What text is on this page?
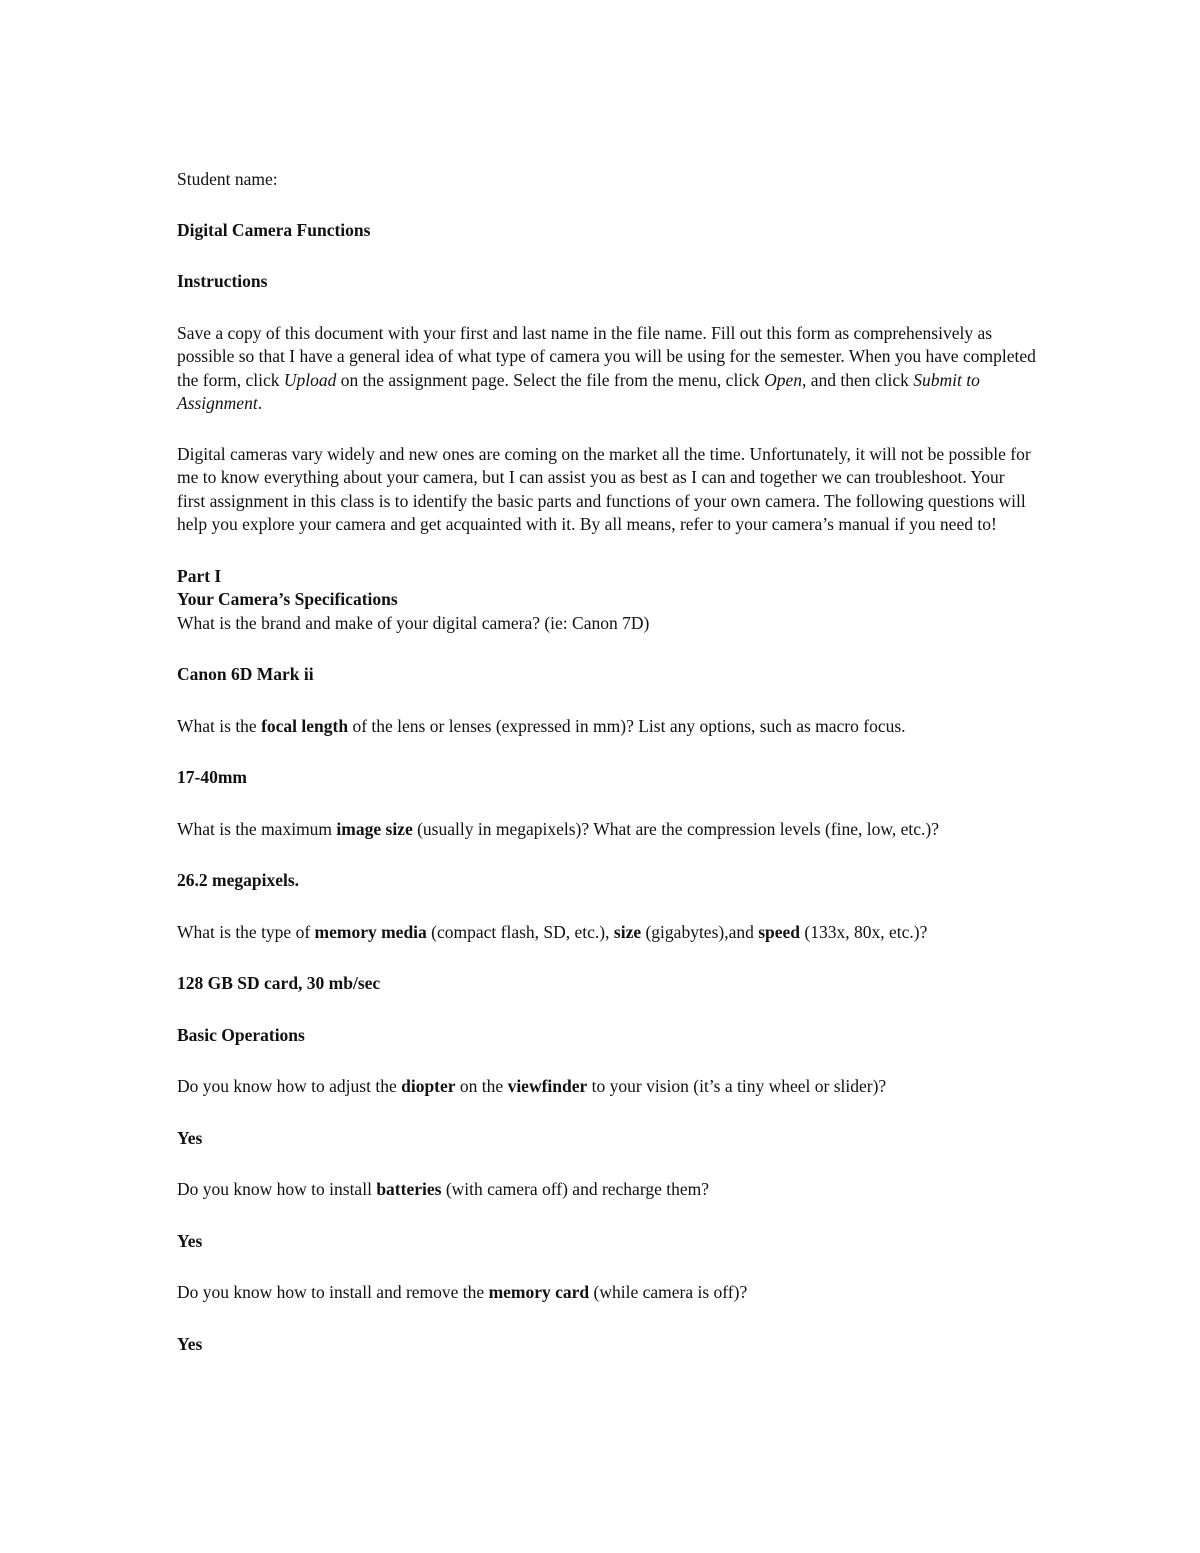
Student name:

Digital Camera Functions

Instructions

Save a copy of this document with your first and last name in the file name. Fill out this form as comprehensively as possible so that I have a general idea of what type of camera you will be using for the semester. When you have completed the form, click Upload on the assignment page. Select the file from the menu, click Open, and then click Submit to Assignment.

Digital cameras vary widely and new ones are coming on the market all the time. Unfortunately, it will not be possible for me to know everything about your camera, but I can assist you as best as I can and together we can troubleshoot. Your first assignment in this class is to identify the basic parts and functions of your own camera. The following questions will help you explore your camera and get acquainted with it. By all means, refer to your camera’s manual if you need to!

Part I

Your Camera’s Specifications

What is the brand and make of your digital camera? (ie: Canon 7D)

Canon 6D Mark ii

What is the focal length of the lens or lenses (expressed in mm)? List any options, such as macro focus.

17-40mm

What is the maximum image size (usually in megapixels)? What are the compression levels (fine, low, etc.)?

26.2 megapixels.

What is the type of memory media (compact flash, SD, etc.), size (gigabytes),and speed (133x, 80x, etc.)?

128 GB SD card, 30 mb/sec

Basic Operations

Do you know how to adjust the diopter on the viewfinder to your vision (it’s a tiny wheel or slider)?

Yes

Do you know how to install batteries (with camera off) and recharge them?

Yes

Do you know how to install and remove the memory card (while camera is off)?

Yes
